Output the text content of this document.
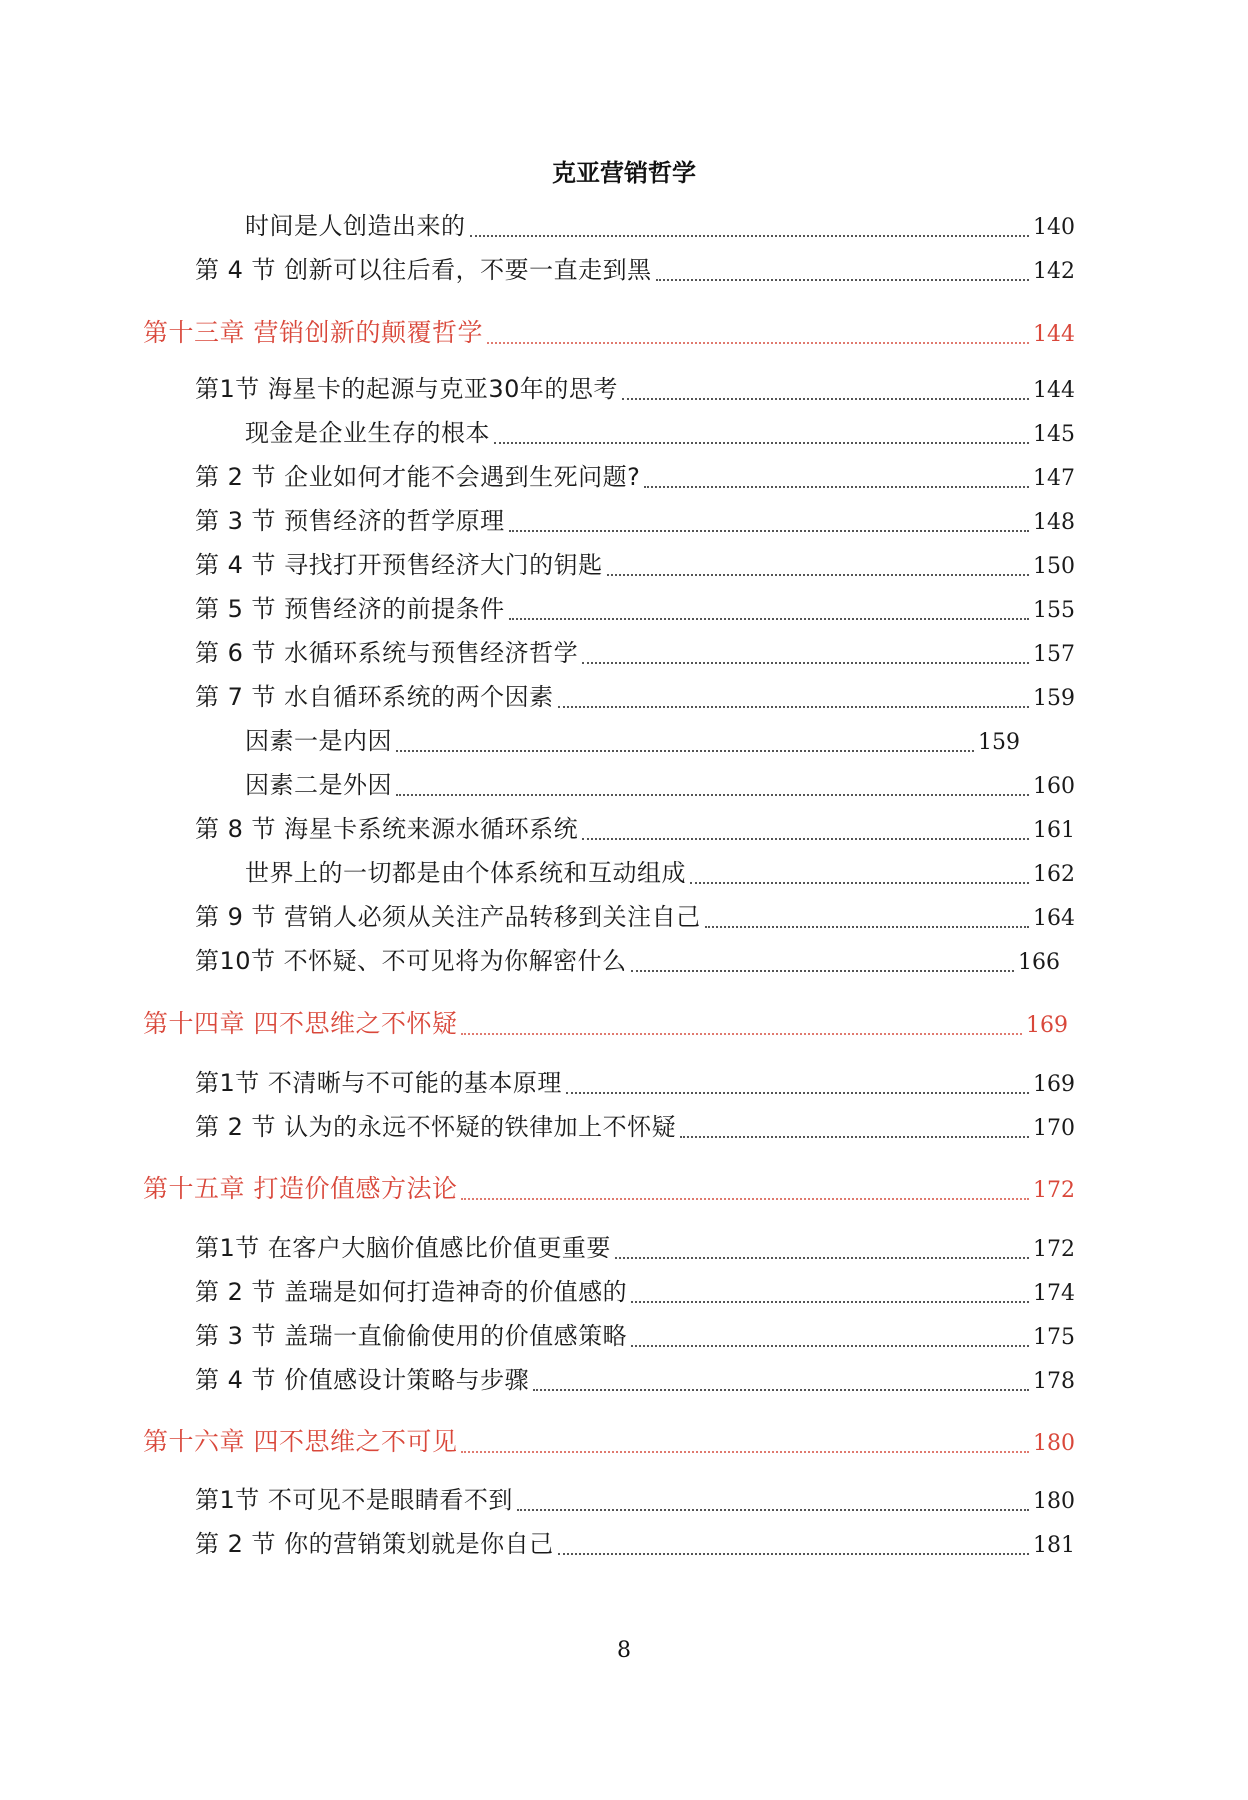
克亚营销哲学
时间是人创造出来的	140
第 4 节 创新可以往后看，不要一直走到黑	142
第十三章 营销创新的颠覆哲学	144
第1节 海星卡的起源与克亚30年的思考	144
现金是企业生存的根本	145
第 2 节 企业如何才能不会遇到生死问题?	147
第 3 节 预售经济的哲学原理	148
第 4 节 寻找打开预售经济大门的钥匙	150
第 5 节 预售经济的前提条件	155
第 6 节 水循环系统与预售经济哲学	157
第 7 节 水自循环系统的两个因素	159
因素一是内因	159
因素二是外因	160
第 8 节 海星卡系统来源水循环系统	161
世界上的一切都是由个体系统和互动组成	162
第 9 节 营销人必须从关注产品转移到关注自己	164
第10节 不怀疑、不可见将为你解密什么	166
第十四章 四不思维之不怀疑	169
第1节 不清晰与不可能的基本原理	169
第 2 节 认为的永远不怀疑的铁律加上不怀疑	170
第十五章 打造价值感方法论	172
第1节 在客户大脑价值感比价值更重要	172
第 2 节 盖瑞是如何打造神奇的价值感的	174
第 3 节 盖瑞一直偷偷使用的价值感策略	175
第 4 节 价值感设计策略与步骤	178
第十六章 四不思维之不可见	180
第1节 不可见不是眼睛看不到	180
第 2 节 你的营销策划就是你自己	181
8
